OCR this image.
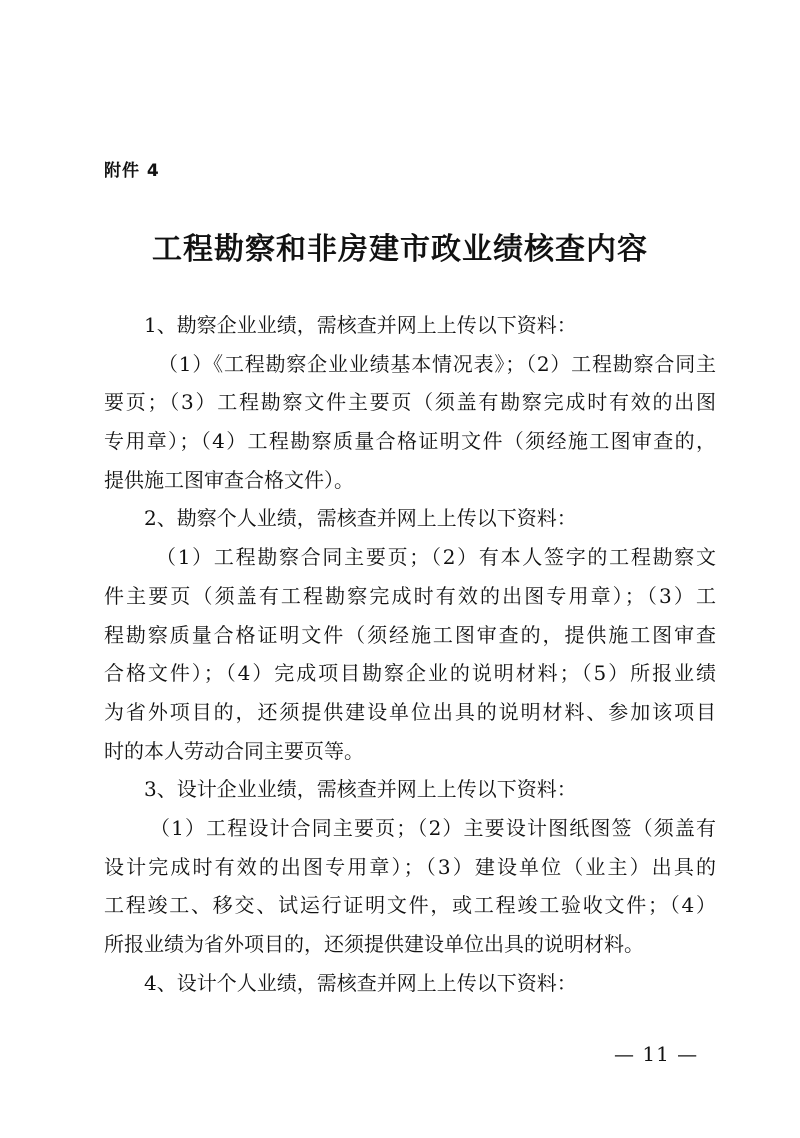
附件 4
工程勘察和非房建市政业绩核查内容
1、勘察企业业绩，需核查并网上上传以下资料：
（1）《工程勘察企业业绩基本情况表》；（2）工程勘察合同主
要页；（3）工程勘察文件主要页（须盖有勘察完成时有效的出图
专用章）；（4）工程勘察质量合格证明文件（须经施工图审查的，
提供施工图审查合格文件）。
2、勘察个人业绩，需核查并网上上传以下资料：
（1）工程勘察合同主要页；（2）有本人签字的工程勘察文
件主要页（须盖有工程勘察完成时有效的出图专用章）；（3）工
程勘察质量合格证明文件（须经施工图审查的，提供施工图审查
合格文件）；（4）完成项目勘察企业的说明材料；（5）所报业绩
为省外项目的，还须提供建设单位出具的说明材料、参加该项目
时的本人劳动合同主要页等。
3、设计企业业绩，需核查并网上上传以下资料：
（1）工程设计合同主要页；（2）主要设计图纸图签（须盖有
设计完成时有效的出图专用章）；（3）建设单位（业主）出具的
工程竣工、移交、试运行证明文件，或工程竣工验收文件；（4）
所报业绩为省外项目的，还须提供建设单位出具的说明材料。
4、设计个人业绩，需核查并网上上传以下资料：
— 11 —
